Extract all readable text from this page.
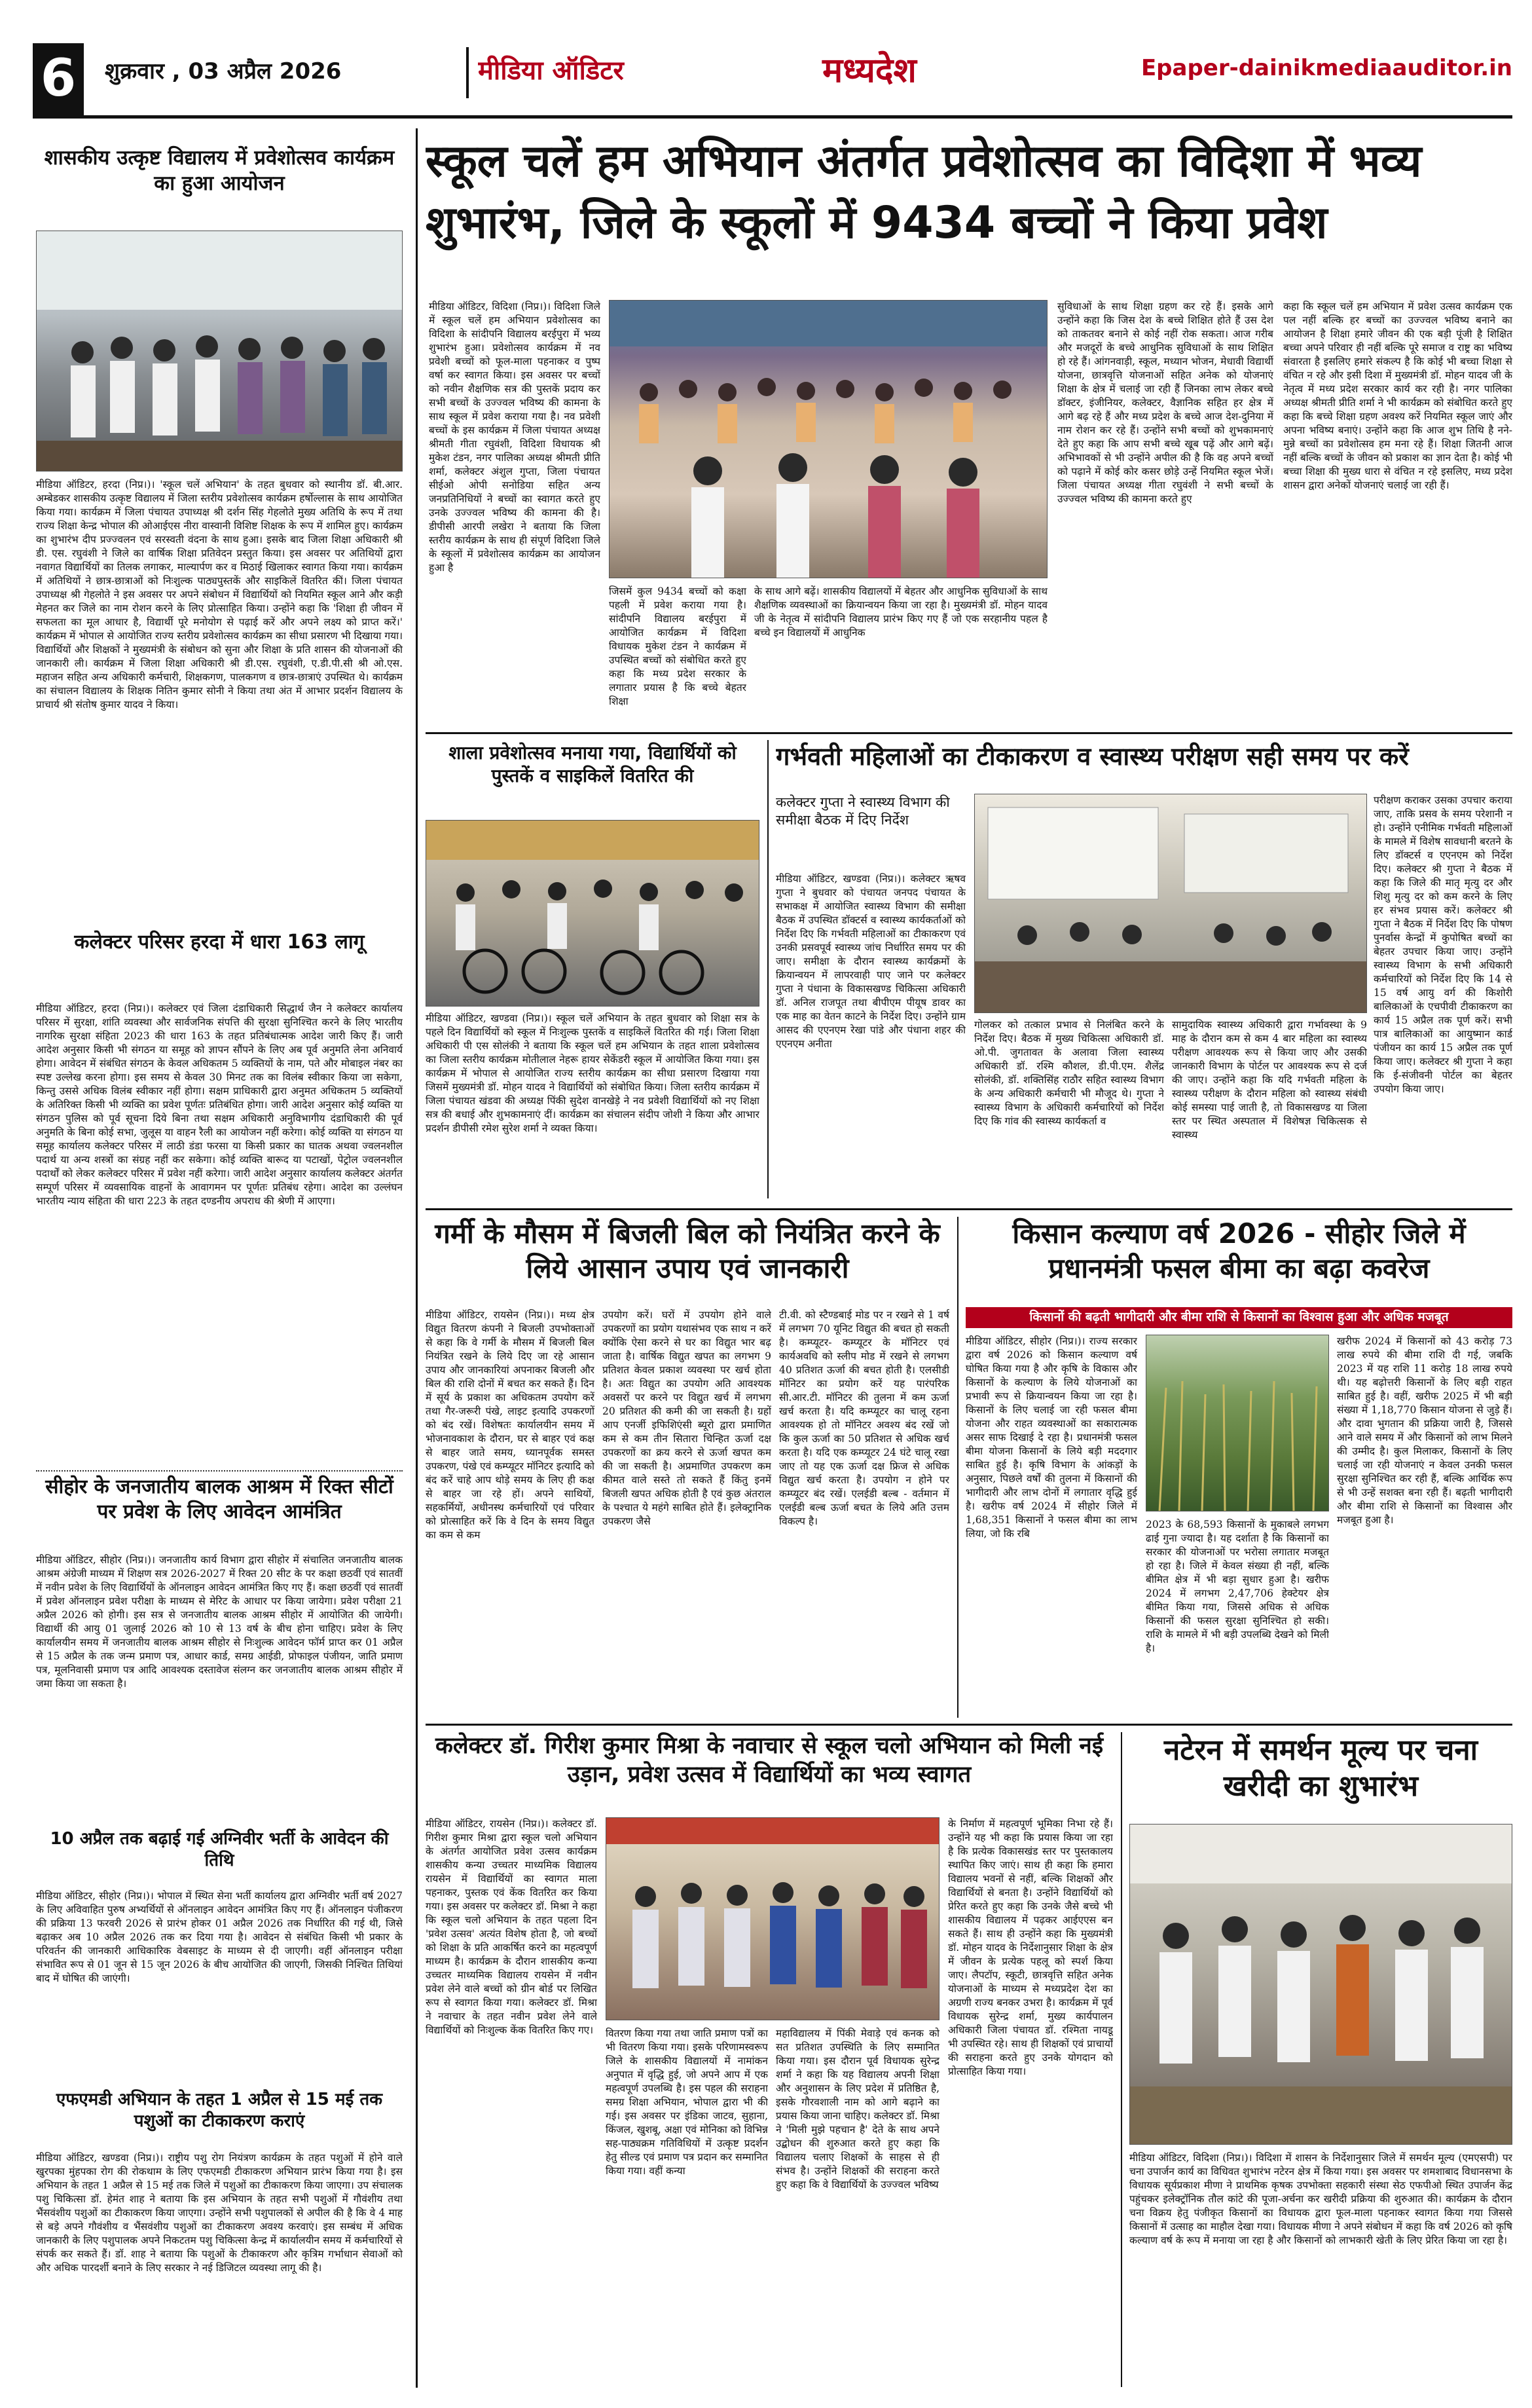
6	शुक्रवार , 03 अप्रैल 2026	मीडिया ऑडिटर	मध्यदेश	Epaper-dainikmediaauditor.in
शासकीय उत्कृष्ट विद्यालय में प्रवेशोत्सव कार्यक्रम का हुआ आयोजन
मीडिया ऑडिटर, हरदा (निप्र।)। 'स्कूल चलें अभियान' के तहत बुधवार को स्थानीय डॉ. बी.आर. अम्बेडकर शासकीय उत्कृष्ट विद्यालय में जिला स्तरीय प्रवेशोत्सव कार्यक्रम हर्षोल्लास के साथ आयोजित किया गया। कार्यक्रम में जिला पंचायत उपाध्यक्ष श्री दर्शन सिंह गेहलोते मुख्य अतिथि के रूप में तथा राज्य शिक्षा केन्द्र भोपाल की ओआईएस नीरा वास्वानी विशिष्ट शिक्षक के रूप में शामिल हुए। कार्यक्रम का शुभारंभ दीप प्रज्ज्वलन एवं सरस्वती वंदना के साथ हुआ। इसके बाद जिला शिक्षा अधिकारी श्री डी. एस. रघुवंशी ने जिले का वार्षिक शिक्षा प्रतिवेदन प्रस्तुत किया। इस अवसर पर अतिथियों द्वारा नवागत विद्यार्थियों का तिलक लगाकर, माल्यार्पण कर व मिठाई खिलाकर स्वागत किया गया। कार्यक्रम में अतिथियों ने छात्र-छात्राओं को निःशुल्क पाठ्यपुस्तकें और साइकिलें वितरित कीं। जिला पंचायत उपाध्यक्ष श्री गेहलोते ने इस अवसर पर अपने संबोधन में विद्यार्थियों को नियमित स्कूल आने और कड़ी मेहनत कर जिले का नाम रोशन करने के लिए प्रोत्साहित किया। उन्होंने कहा कि 'शिक्षा ही जीवन में सफलता का मूल आधार है, विद्यार्थी पूरे मनोयोग से पढ़ाई करें और अपने लक्ष्य को प्राप्त करें।' कार्यक्रम में भोपाल से आयोजित राज्य स्तरीय प्रवेशोत्सव कार्यक्रम का सीधा प्रसारण भी दिखाया गया। विद्यार्थियों और शिक्षकों ने मुख्यमंत्री के संबोधन को सुना और शिक्षा के प्रति शासन की योजनाओं की जानकारी ली। कार्यक्रम में जिला शिक्षा अधिकारी श्री डी.एस. रघुवंशी, ए.डी.पी.सी श्री ओ.एस. महाजन सहित अन्य अधिकारी कर्मचारी, शिक्षकगण, पालकगण व छात्र-छात्राएं उपस्थित थे। कार्यक्रम का संचालन विद्यालय के शिक्षक नितिन कुमार सोनी ने किया तथा अंत में आभार प्रदर्शन विद्यालय के प्राचार्य श्री संतोष कुमार यादव ने किया।
कलेक्टर परिसर हरदा में धारा 163 लागू
मीडिया ऑडिटर, हरदा (निप्र।)। कलेक्टर एवं जिला दंडाधिकारी सिद्धार्थ जैन ने कलेक्टर कार्यालय परिसर में सुरक्षा, शांति व्यवस्था और सार्वजनिक संपत्ति की सुरक्षा सुनिश्चित करने के लिए भारतीय नागरिक सुरक्षा संहिता 2023 की धारा 163 के तहत प्रतिबंधात्मक आदेश जारी किए हैं। जारी आदेश अनुसार किसी भी संगठन या समूह को ज्ञापन सौंपने के लिए अब पूर्व अनुमति लेना अनिवार्य होगा। आवेदन में संबंधित संगठन के केवल अधिकतम 5 व्यक्तियों के नाम, पते और मोबाइल नंबर का स्पष्ट उल्लेख करना होगा। इस समय से केवल 30 मिनट तक का विलंब स्वीकार किया जा सकेगा, किन्तु उससे अधिक विलंब स्वीकार नहीं होगा। सक्षम प्राधिकारी द्वारा अनुमत अधिकतम 5 व्यक्तियों के अतिरिक्त किसी भी व्यक्ति का प्रवेश पूर्णतः प्रतिबंधित होगा। जारी आदेश अनुसार कोई व्यक्ति या संगठन पुलिस को पूर्व सूचना दिये बिना तथा सक्षम अधिकारी अनुविभागीय दंडाधिकारी की पूर्व अनुमति के बिना कोई सभा, जुलूस या वाहन रैली का आयोजन नहीं करेगा। कोई व्यक्ति या संगठन या समूह कार्यालय कलेक्टर परिसर में लाठी डंडा फरसा या किसी प्रकार का घातक अथवा ज्वलनशील पदार्थ या अन्य शस्त्रों का संग्रह नहीं कर सकेगा। कोई व्यक्ति बारूद या पटाखों, पेट्रोल ज्वलनशील पदार्थों को लेकर कलेक्टर परिसर में प्रवेश नहीं करेगा। जारी आदेश अनुसार कार्यालय कलेक्टर अंतर्गत सम्पूर्ण परिसर में व्यवसायिक वाहनों के आवागमन पर पूर्णतः प्रतिबंध रहेगा। आदेश का उल्लंघन भारतीय न्याय संहिता की धारा 223 के तहत दण्डनीय अपराध की श्रेणी में आएगा।
सीहोर के जनजातीय बालक आश्रम में रिक्त सीटों पर प्रवेश के लिए आवेदन आमंत्रित
मीडिया ऑडिटर, सीहोर (निप्र।)। जनजातीय कार्य विभाग द्वारा सीहोर में संचालित जनजातीय बालक आश्रम अंग्रेजी माध्यम में शिक्षण सत्र 2026-2027 में रिक्त 20 सीट के पर कक्षा छठवीं एवं सातवीं में नवीन प्रवेश के लिए विद्यार्थियों के ऑनलाइन आवेदन आमंत्रित किए गए हैं। कक्षा छठवीं एवं सातवीं में प्रवेश ऑनलाइन प्रवेश परीक्षा के माध्यम से मेरिट के आधार पर किया जायेगा। प्रवेश परीक्षा 21 अप्रैल 2026 को होगी। इस सत्र से जनजातीय बालक आश्रम सीहोर में आयोजित की जायेगी। विद्यार्थी की आयु 01 जुलाई 2026 को 10 से 13 वर्ष के बीच होना चाहिए। प्रवेश के लिए कार्यालयीन समय में जनजातीय बालक आश्रम सीहोर से निःशुल्क आवेदन फॉर्म प्राप्त कर 01 अप्रैल से 15 अप्रैल के तक जन्म प्रमाण पत्र, आधार कार्ड, समग्र आईडी, प्रोफाइल पंजीयन, जाति प्रमाण पत्र, मूलनिवासी प्रमाण पत्र आदि आवश्यक दस्तावेज संलग्न कर जनजातीय बालक आश्रम सीहोर में जमा किया जा सकता है।
10 अप्रैल तक बढ़ाई गई अग्निवीर भर्ती के आवेदन की तिथि
मीडिया ऑडिटर, सीहोर (निप्र।)। भोपाल में स्थित सेना भर्ती कार्यालय द्वारा अग्निवीर भर्ती वर्ष 2027 के लिए अविवाहित पुरुष अभ्यर्थियों से ऑनलाइन आवेदन आमंत्रित किए गए हैं। ऑनलाइन पंजीकरण की प्रक्रिया 13 फरवरी 2026 से प्रारंभ होकर 01 अप्रैल 2026 तक निर्धारित की गई थी, जिसे बढ़ाकर अब 10 अप्रैल 2026 तक कर दिया गया है। आवेदन से संबंधित किसी भी प्रकार के परिवर्तन की जानकारी आधिकारिक वेबसाइट के माध्यम से दी जाएगी। वहीं ऑनलाइन परीक्षा संभावित रूप से 01 जून से 15 जून 2026 के बीच आयोजित की जाएगी, जिसकी निश्चित तिथियां बाद में घोषित की जाएंगी।
एफएमडी अभियान के तहत 1 अप्रैल से 15 मई तक पशुओं का टीकाकरण कराएं
मीडिया ऑडिटर, खण्डवा (निप्र।)। राष्ट्रीय पशु रोग नियंत्रण कार्यक्रम के तहत पशुओं में होने वाले खुरपका मुंहपका रोग की रोकथाम के लिए एफएमडी टीकाकरण अभियान प्रारंभ किया गया है। इस अभियान के तहत 1 अप्रैल से 15 मई तक जिले में पशुओं का टीकाकरण किया जाएगा। उप संचालक पशु चिकित्सा डॉ. हेमंत शाह ने बताया कि इस अभियान के तहत सभी पशुओं में गौवंशीय तथा भैंसवंशीय पशुओं का टीकाकरण किया जाएगा। उन्होंने सभी पशुपालकों से अपील की है कि वे 4 माह से बड़े अपने गौवंशीय व भैंसवंशीय पशुओं का टीकाकरण अवश्य करवाएं। इस सम्बंध में अधिक जानकारी के लिए पशुपालक अपने निकटतम पशु चिकित्सा केन्द्र में कार्यालयीन समय में कर्मचारियों से संपर्क कर सकते हैं। डॉ. शाह ने बताया कि पशुओं के टीकाकरण और कृत्रिम गर्भाधान सेवाओं को और अधिक पारदर्शी बनाने के लिए सरकार ने नई डिजिटल व्यवस्था लागू की है।
स्कूल चलें हम अभियान अंतर्गत प्रवेशोत्सव का विदिशा में भव्य शुभारंभ, जिले के स्कूलों में 9434 बच्चों ने किया प्रवेश
मीडिया ऑडिटर, विदिशा (निप्र।)। विदिशा जिले में स्कूल चलें हम अभियान प्रवेशोत्सव का विदिशा के सांदीपनि विद्यालय बरईपुरा में भव्य शुभारंभ हुआ। प्रवेशोत्सव कार्यक्रम में नव प्रवेशी बच्चों को फूल-माला पहनाकर व पुष्प वर्षा कर स्वागत किया। इस अवसर पर बच्चों को नवीन शैक्षणिक सत्र की पुस्तकें प्रदाय कर सभी बच्चों के उज्ज्वल भविष्य की कामना के साथ स्कूल में प्रवेश कराया गया है। नव प्रवेशी बच्चों के इस कार्यक्रम में जिला पंचायत अध्यक्ष श्रीमती गीता रघुवंशी, विदिशा विधायक श्री मुकेश टंडन, नगर पालिका अध्यक्ष श्रीमती प्रीति शर्मा, कलेक्टर अंशुल गुप्ता, जिला पंचायत सीईओ ओपी सनोडिया सहित अन्य जनप्रतिनिधियों ने बच्चों का स्वागत करते हुए उनके उज्ज्वल भविष्य की कामना की है। डीपीसी आरपी लखेरा ने बताया कि जिला स्तरीय कार्यक्रम के साथ ही संपूर्ण विदिशा जिले के स्कूलों में प्रवेशोत्सव कार्यक्रम का आयोजन हुआ है
जिसमें कुल 9434 बच्चों को कक्षा पहली में प्रवेश कराया गया है। सांदीपनि विद्यालय बरईपुरा में आयोजित कार्यक्रम में विदिशा विधायक मुकेश टंडन ने कार्यक्रम में उपस्थित बच्चों को संबोधित करते हुए कहा कि मध्य प्रदेश सरकार के लगातार प्रयास है कि बच्चे बेहतर शिक्षा
के साथ आगे बढ़ें। शासकीय विद्यालयों में बेहतर और आधुनिक सुविधाओं के साथ शैक्षणिक व्यवस्थाओं का क्रियान्वयन किया जा रहा है। मुख्यमंत्री डॉ. मोहन यादव जी के नेतृत्व में सांदीपनि विद्यालय प्रारंभ किए गए हैं जो एक सरहानीय पहल है बच्चे इन विद्यालयों में आधुनिक
सुविधाओं के साथ शिक्षा ग्रहण कर रहे हैं। इसके आगे उन्होंने कहा कि जिस देश के बच्चे शिक्षित होते हैं उस देश को ताकतवर बनाने से कोई नहीं रोक सकता। आज गरीब और मजदूरों के बच्चे आधुनिक सुविधाओं के साथ शिक्षित हो रहे हैं। आंगनवाड़ी, स्कूल, मध्यान भोजन, मेधावी विद्यार्थी योजना, छात्रवृत्ति योजनाओं सहित अनेक को योजनाएं शिक्षा के क्षेत्र में चलाई जा रही हैं जिनका लाभ लेकर बच्चे डॉक्टर, इंजीनियर, कलेक्टर, वैज्ञानिक सहित हर क्षेत्र में आगे बढ़ रहे हैं और मध्य प्रदेश के बच्चे आज देश-दुनिया में नाम रोशन कर रहे हैं। उन्होंने सभी बच्चों को शुभकामनाएं देते हुए कहा कि आप सभी बच्चे खूब पढ़ें और आगे बढ़ें। अभिभावकों से भी उन्होंने अपील की है कि वह अपने बच्चों को पढ़ाने में कोई कोर कसर छोड़े उन्हें नियमित स्कूल भेजें। जिला पंचायत अध्यक्ष गीता रघुवंशी ने सभी बच्चों के उज्ज्वल भविष्य की कामना करते हुए
कहा कि स्कूल चलें हम अभियान में प्रवेश उत्सव कार्यक्रम एक पल नहीं बल्कि हर बच्चों का उज्ज्वल भविष्य बनाने का आयोजन है शिक्षा हमारे जीवन की एक बड़ी पूंजी है शिक्षित बच्चा अपने परिवार ही नहीं बल्कि पूरे समाज व राष्ट्र का भविष्य संवारता है इसलिए हमारे संकल्प है कि कोई भी बच्चा शिक्षा से वंचित न रहे और इसी दिशा में मुख्यमंत्री डॉ. मोहन यादव जी के नेतृत्व में मध्य प्रदेश सरकार कार्य कर रही है। नगर पालिका अध्यक्ष श्रीमती प्रीति शर्मा ने भी कार्यक्रम को संबोधित करते हुए कहा कि बच्चे शिक्षा ग्रहण अवश्य करें नियमित स्कूल जाएं और अपना भविष्य बनाएं। उन्होंने कहा कि आज शुभ तिथि है नने-मुन्ने बच्चों का प्रवेशोत्सव हम मना रहे हैं। शिक्षा जितनी आज नहीं बल्कि बच्चों के जीवन को प्रकाश का ज्ञान देता है। कोई भी बच्चा शिक्षा की मुख्य धारा से वंचित न रहे इसलिए, मध्य प्रदेश शासन द्वारा अनेकों योजनाएं चलाई जा रही हैं।
शाला प्रवेशोत्सव मनाया गया, विद्यार्थियों को पुस्तकें व साइकिलें वितरित की
मीडिया ऑडिटर, खण्डवा (निप्र।)। स्कूल चलें अभियान के तहत बुधवार को शिक्षा सत्र के पहले दिन विद्यार्थियों को स्कूल में निःशुल्क पुस्तकें व साइकिलें वितरित की गई। जिला शिक्षा अधिकारी पी एस सोलंकी ने बताया कि स्कूल चलें हम अभियान के तहत शाला प्रवेशोत्सव का जिला स्तरीय कार्यक्रम मोतीलाल नेहरू हायर सेकेंडरी स्कूल में आयोजित किया गया। इस कार्यक्रम में भोपाल से आयोजित राज्य स्तरीय कार्यक्रम का सीधा प्रसारण दिखाया गया जिसमें मुख्यमंत्री डॉ. मोहन यादव ने विद्यार्थियों को संबोधित किया। जिला स्तरीय कार्यक्रम में जिला पंचायत खंडवा की अध्यक्ष पिंकी सुदेश वानखेड़े ने नव प्रवेशी विद्यार्थियों को नए शिक्षा सत्र की बधाई और शुभकामनाएं दीं। कार्यक्रम का संचालन संदीप जोशी ने किया और आभार प्रदर्शन डीपीसी रमेश सुरेश शर्मा ने व्यक्त किया।
गर्भवती महिलाओं का टीकाकरण व स्वास्थ्य परीक्षण सही समय पर करें
कलेक्टर गुप्ता ने स्वास्थ्य विभाग की समीक्षा बैठक में दिए निर्देश
मीडिया ऑडिटर, खण्डवा (निप्र।)। कलेक्टर ऋषव गुप्ता ने बुधवार को पंचायत जनपद पंचायत के सभाकक्ष में आयोजित स्वास्थ्य विभाग की समीक्षा बैठक में उपस्थित डॉक्टर्स व स्वास्थ्य कार्यकर्ताओं को निर्देश दिए कि गर्भवती महिलाओं का टीकाकरण एवं उनकी प्रसवपूर्व स्वास्थ्य जांच निर्धारित समय पर की जाए। समीक्षा के दौरान स्वास्थ्य कार्यक्रमों के क्रियान्वयन में लापरवाही पाए जाने पर कलेक्टर गुप्ता ने पंधाना के विकासखण्ड चिकित्सा अधिकारी डॉ. अनिल राजपूत तथा बीपीएम पीयूष डावर का एक माह का वेतन काटने के निर्देश दिए। उन्होंने ग्राम आसद की एएनएम रेखा पांडे और पंधाना शहर की एएनएम अनीता
गोलकर को तत्काल प्रभाव से निलंबित करने के निर्देश दिए। बैठक में मुख्य चिकित्सा अधिकारी डॉ. ओ.पी. जुगतावत के अलावा जिला स्वास्थ्य अधिकारी डॉ. रश्मि कौशल, डी.पी.एम. शैलेंद्र सोलंकी, डॉ. शक्तिसिंह राठौर सहित स्वास्थ्य विभाग के अन्य अधिकारी कर्मचारी भी मौजूद थे। गुप्ता ने स्वास्थ्य विभाग के अधिकारी कर्मचारियों को निर्देश दिए कि गांव की स्वास्थ्य कार्यकर्ता व
सामुदायिक स्वास्थ्य अधिकारी द्वारा गर्भावस्था के 9 माह के दौरान कम से कम 4 बार महिला का स्वास्थ्य परीक्षण आवश्यक रूप से किया जाए और उसकी जानकारी विभाग के पोर्टल पर आवश्यक रूप से दर्ज की जाए। उन्होंने कहा कि यदि गर्भवती महिला के स्वास्थ्य परीक्षण के दौरान महिला को स्वास्थ्य संबंधी कोई समस्या पाई जाती है, तो विकासखण्ड या जिला स्तर पर स्थित अस्पताल में विशेषज्ञ चिकित्सक से स्वास्थ्य
परीक्षण कराकर उसका उपचार कराया जाए, ताकि प्रसव के समय परेशानी न हो। उन्होंने एनीमिक गर्भवती महिलाओं के मामले में विशेष सावधानी बरतने के लिए डॉक्टर्स व एएनएम को निर्देश दिए। कलेक्टर श्री गुप्ता ने बैठक में कहा कि जिले की मातृ मृत्यु दर और शिशु मृत्यु दर को कम करने के लिए हर संभव प्रयास करें। कलेक्टर श्री गुप्ता ने बैठक में निर्देश दिए कि पोषण पुनर्वास केन्द्रों में कुपोषित बच्चों का बेहतर उपचार किया जाए। उन्होंने स्वास्थ्य विभाग के सभी अधिकारी कर्मचारियों को निर्देश दिए कि 14 से 15 वर्ष आयु वर्ग की किशोरी बालिकाओं के एचपीवी टीकाकरण का कार्य 15 अप्रैल तक पूर्ण करें। सभी पात्र बालिकाओं का आयुष्मान कार्ड पंजीयन का कार्य 15 अप्रैल तक पूर्ण किया जाए। कलेक्टर श्री गुप्ता ने कहा कि ई-संजीवनी पोर्टल का बेहतर उपयोग किया जाए।
गर्मी के मौसम में बिजली बिल को नियंत्रित करने के लिये आसान उपाय एवं जानकारी
मीडिया ऑडिटर, रायसेन (निप्र।)। मध्य क्षेत्र विद्युत वितरण कंपनी ने बिजली उपभोक्ताओं से कहा कि वे गर्मी के मौसम में बिजली बिल नियंत्रित रखने के लिये दिए जा रहे आसान उपाय और जानकारियां अपनाकर बिजली और बिल की राशि दोनों में बचत कर सकते हैं। दिन में सूर्य के प्रकाश का अधिकतम उपयोग करें तथा गैर-जरूरी पंखे, लाइट इत्यादि उपकरणों को बंद रखें। विशेषतः कार्यालयीन समय में भोजनावकाश के दौरान, घर से बाहर एवं कक्ष से बाहर जाते समय, ध्यानपूर्वक समस्त उपकरण, पंखे एवं कम्प्यूटर मॉनिटर इत्यादि को बंद करें चाहे आप थोड़े समय के लिए ही कक्ष से बाहर जा रहे हों। अपने साथियों, सहकर्मियों, अधीनस्थ कर्मचारियों एवं परिवार को प्रोत्साहित करें कि वे दिन के समय विद्युत का कम से कम
उपयोग करें। घरों में उपयोग होने वाले उपकरणों का प्रयोग यथासंभव एक साथ न करें क्योंकि ऐसा करने से घर का विद्युत भार बढ़ जाता है। वार्षिक विद्युत खपत का लगभग 9 प्रतिशत केवल प्रकाश व्यवस्था पर खर्च होता है। अतः विद्युत का उपयोग अति आवश्यक अवसरों पर करने पर विद्युत खर्च में लगभग 20 प्रतिशत की कमी की जा सकती है। ग्रहों आप एनर्जी इफिशिएंसी ब्यूरो द्वारा प्रमाणित कम से कम तीन सितारा चिन्हित ऊर्जा दक्ष उपकरणों का क्रय करने से ऊर्जा खपत कम की जा सकती है। अप्रमाणित उपकरण कम कीमत वाले सस्ते तो सकते हैं किंतु इनमें बिजली खपत अधिक होती है एवं कुछ अंतराल के पश्चात ये महंगे साबित होते हैं। इलेक्ट्रानिक उपकरण जैसे
टी.वी. को स्टैण्डबाई मोड पर न रखने से 1 वर्ष में लगभग 70 यूनिट विद्युत की बचत हो सकती है। कम्प्यूटर- कम्प्यूटर के मॉनिटर एवं कार्यअवधि को स्लीप मोड में रखने से लगभग 40 प्रतिशत ऊर्जा की बचत होती है। एलसीडी मॉनिटर का प्रयोग करें यह पारंपरिक सी.आर.टी. मॉनिटर की तुलना में कम ऊर्जा खर्च करता है। यदि कम्प्यूटर का चालू रहना आवश्यक हो तो मॉनिटर अवश्य बंद रखें जो कि कुल ऊर्जा का 50 प्रतिशत से अधिक खर्च करता है। यदि एक कम्प्यूटर 24 घंटे चालू रखा जाए तो यह एक ऊर्जा दक्ष फ्रिज से अधिक विद्युत खर्च करता है। उपयोग न होने पर कम्प्यूटर बंद रखें। एलईडी बल्ब - वर्तमान में एलईडी बल्ब ऊर्जा बचत के लिये अति उत्तम विकल्प है।
किसान कल्याण वर्ष 2026 - सीहोर जिले में प्रधानमंत्री फसल बीमा का बढ़ा कवरेज
किसानों की बढ़ती भागीदारी और बीमा राशि से किसानों का विश्वास हुआ और अधिक मजबूत
मीडिया ऑडिटर, सीहोर (निप्र।)। राज्य सरकार द्वारा वर्ष 2026 को किसान कल्याण वर्ष घोषित किया गया है और कृषि के विकास और किसानों के कल्याण के लिये योजनाओं का प्रभावी रूप से क्रियान्वयन किया जा रहा है। किसानों के लिए चलाई जा रही फसल बीमा योजना और राहत व्यवस्थाओं का सकारात्मक असर साफ दिखाई दे रहा है। प्रधानमंत्री फसल बीमा योजना किसानों के लिये बड़ी मददगार साबित हुई है। कृषि विभाग के आंकड़ों के अनुसार, पिछले वर्षों की तुलना में किसानों की भागीदारी और लाभ दोनों में लगातार वृद्धि हुई है। खरीफ वर्ष 2024 में सीहोर जिले में 1,68,351 किसानों ने फसल बीमा का लाभ लिया, जो कि रबि
2023 के 68,593 किसानों के मुकाबले लगभग ढाई गुना ज्यादा है। यह दर्शाता है कि किसानों का सरकार की योजनाओं पर भरोसा लगातार मजबूत हो रहा है। जिले में केवल संख्या ही नहीं, बल्कि बीमित क्षेत्र में भी बड़ा सुधार हुआ है। खरीफ 2024 में लगभग 2,47,706 हेक्टेयर क्षेत्र बीमित किया गया, जिससे अधिक से अधिक किसानों की फसल सुरक्षा सुनिश्चित हो सकी। राशि के मामले में भी बड़ी उपलब्धि देखने को मिली है।
खरीफ 2024 में किसानों को 43 करोड़ 73 लाख रुपये की बीमा राशि दी गई, जबकि 2023 में यह राशि 11 करोड़ 18 लाख रुपये थी। यह बढ़ोत्तरी किसानों के लिए बड़ी राहत साबित हुई है। वहीं, खरीफ 2025 में भी बड़ी संख्या में 1,18,770 किसान योजना से जुड़े हैं। और दावा भुगतान की प्रक्रिया जारी है, जिससे आने वाले समय में और किसानों को लाभ मिलने की उम्मीद है। कुल मिलाकर, किसानों के लिए चलाई जा रही योजनाएं न केवल उनकी फसल सुरक्षा सुनिश्चित कर रही हैं, बल्कि आर्थिक रूप से भी उन्हें सशक्त बना रही हैं। बढ़ती भागीदारी और बीमा राशि से किसानों का विश्वास और मजबूत हुआ है।
कलेक्टर डॉ. गिरीश कुमार मिश्रा के नवाचार से स्कूल चलो अभियान को मिली नई उड़ान, प्रवेश उत्सव में विद्यार्थियों का भव्य स्वागत
मीडिया ऑडिटर, रायसेन (निप्र।)। कलेक्टर डॉ. गिरीश कुमार मिश्रा द्वारा स्कूल चलो अभियान के अंतर्गत आयोजित प्रवेश उत्सव कार्यक्रम शासकीय कन्या उच्चतर माध्यमिक विद्यालय रायसेन में विद्यार्थियों का स्वागत माला पहनाकर, पुस्तक एवं केंक वितरित कर किया गया। इस अवसर पर कलेक्टर डॉ. मिश्रा ने कहा कि स्कूल चलो अभियान के तहत पहला दिन 'प्रवेश उत्सव' अत्यंत विशेष होता है, जो बच्चों को शिक्षा के प्रति आकर्षित करने का महत्वपूर्ण माध्यम है। कार्यक्रम के दौरान शासकीय कन्या उच्चतर माध्यमिक विद्यालय रायसेन में नवीन प्रवेश लेने वाले बच्चों को ग्रीन बोर्ड पर लिखित रूप से स्वागत किया गया। कलेक्टर डॉ. मिश्रा ने नवाचार के तहत नवीन प्रवेश लेने वाले विद्यार्थियों को निःशुल्क केंक वितरित किए गए।	वितरण किया गया तथा जाति प्रमाण पत्रों का भी वितरण किया गया। इसके परिणामस्वरूप जिले के शासकीय विद्यालयों में नामांकन अनुपात में वृद्धि हुई, जो अपने आप में एक महत्वपूर्ण उपलब्धि है। इस पहल की सराहना समग्र शिक्षा अभियान, भोपाल द्वारा भी की गई। इस अवसर पर इंडिका जाटव, सुहाना, किंजल, खुशबू, अक्षा एवं मोनिका को विभिन्न सह-पाठ्यक्रम गतिविधियों में उत्कृष्ट प्रदर्शन हेतु सील्ड एवं प्रमाण पत्र प्रदान कर सम्मानित किया गया। वहीं कन्या
महाविद्यालय में पिंकी मेवाड़े एवं कनक को सत प्रतिशत उपस्थिति के लिए सम्मानित किया गया। इस दौरान पूर्व विधायक सुरेन्द्र शर्मा ने कहा कि यह विद्यालय अपनी शिक्षा और अनुशासन के लिए प्रदेश में प्रतिष्ठित है, इसके गौरवशाली नाम को आगे बढ़ाने का प्रयास किया जाना चाहिए। कलेक्टर डॉ. मिश्रा ने 'मिली मुझे पहचान है' देते के साथ अपने उद्बोधन की शुरुआत करते हुए कहा कि विद्यालय चलाए शिक्षकों के साहस से ही संभव है। उन्होंने शिक्षकों की सराहना करते हुए कहा कि वे विद्यार्थियों के उज्ज्वल भविष्य
के निर्माण में महत्वपूर्ण भूमिका निभा रहे हैं। उन्होंने यह भी कहा कि प्रयास किया जा रहा है कि प्रत्येक विकासखंड स्तर पर पुस्तकालय स्थापित किए जाएं। साथ ही कहा कि हमारा विद्यालय भवनों से नहीं, बल्कि शिक्षकों और विद्यार्थियों से बनता है। उन्होंने विद्यार्थियों को प्रेरित करते हुए कहा कि उनके जैसे बच्चे भी शासकीय विद्यालय में पढ़कर आईएएस बन सकते हैं। साथ ही उन्होंने कहा कि मुख्यमंत्री डॉ. मोहन यादव के निर्देशानुसार शिक्षा के क्षेत्र में जीवन के प्रत्येक पहलू को स्पर्श किया जाए। लैपटॉप, स्कूटी, छात्रवृत्ति सहित अनेक योजनाओं के माध्यम से मध्यप्रदेश देश का अग्रणी राज्य बनकर उभरा है। कार्यक्रम में पूर्व विधायक सुरेन्द्र शर्मा, मुख्य कार्यपालन अधिकारी जिला पंचायत डॉ. रश्मिता नायडू भी उपस्थित रहे। साथ ही शिक्षकों एवं प्राचार्यों की सराहना करते हुए उनके योगदान को प्रोत्साहित किया गया।
नटेरन में समर्थन मूल्य पर चना खरीदी का शुभारंभ
मीडिया ऑडिटर, विदिशा (निप्र।)। विदिशा में शासन के निर्देशानुसार जिले में समर्थन मूल्य (एमएसपी) पर चना उपार्जन कार्य का विधिवत शुभारंभ नटेरन क्षेत्र में किया गया। इस अवसर पर शमशाबाद विधानसभा के विधायक सूर्यप्रकाश मीणा ने प्राथमिक कृषक उपभोक्ता सहकारी संस्था सेठ एफपीओ स्थित उपार्जन केंद्र पहुंचकर इलेक्ट्रॉनिक तौल कांटे की पूजा-अर्चना कर खरीदी प्रक्रिया की शुरुआत की। कार्यक्रम के दौरान चना विक्रय हेतु पंजीकृत किसानों का विधायक द्वारा फूल-माला पहनाकर स्वागत किया गया जिससे किसानों में उत्साह का माहौल देखा गया। विधायक मीणा ने अपने संबोधन में कहा कि वर्ष 2026 को कृषि कल्याण वर्ष के रूप में मनाया जा रहा है और किसानों को लाभकारी खेती के लिए प्रेरित किया जा रहा है।
